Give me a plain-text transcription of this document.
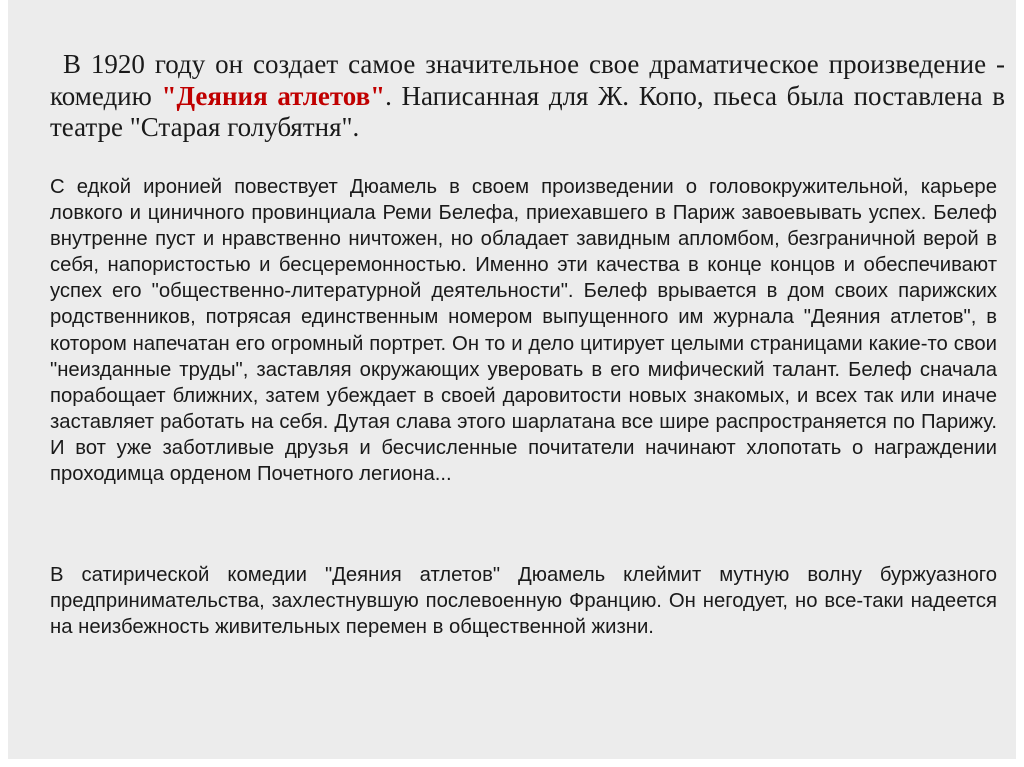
В 1920 году он создает самое значительное свое драматическое произведение - комедию "Деяния атлетов". Написанная для Ж. Копо, пьеса была поставлена в театре "Старая голубятня".

С едкой иронией повествует Дюамель в своем произведении о головокружительной, карьере ловкого и циничного провинциала Реми Белефа, приехавшего в Париж завоевывать успех. Белеф внутренне пуст и нравственно ничтожен, но обладает завидным апломбом, безграничной верой в себя, напористостью и бесцеремонностью. Именно эти качества в конце концов и обеспечивают успех его "общественно-литературной деятельности". Белеф врывается в дом своих парижских родственников, потрясая единственным номером выпущенного им журнала "Деяния атлетов", в котором напечатан его огромный портрет. Он то и дело цитирует целыми страницами какие-то свои "неизданные труды", заставляя окружающих уверовать в его мифический талант. Белеф сначала порабощает ближних, затем убеждает в своей даровитости новых знакомых, и всех так или иначе заставляет работать на себя. Дутая слава этого шарлатана все шире распространяется по Парижу. И вот уже заботливые друзья и бесчисленные почитатели начинают хлопотать о награждении проходимца орденом Почетного легиона...

В сатирической комедии "Деяния атлетов" Дюамель клеймит мутную волну буржуазного предпринимательства, захлестнувшую послевоенную Францию. Он негодует, но все-таки надеется на неизбежность живительных перемен в общественной жизни.
